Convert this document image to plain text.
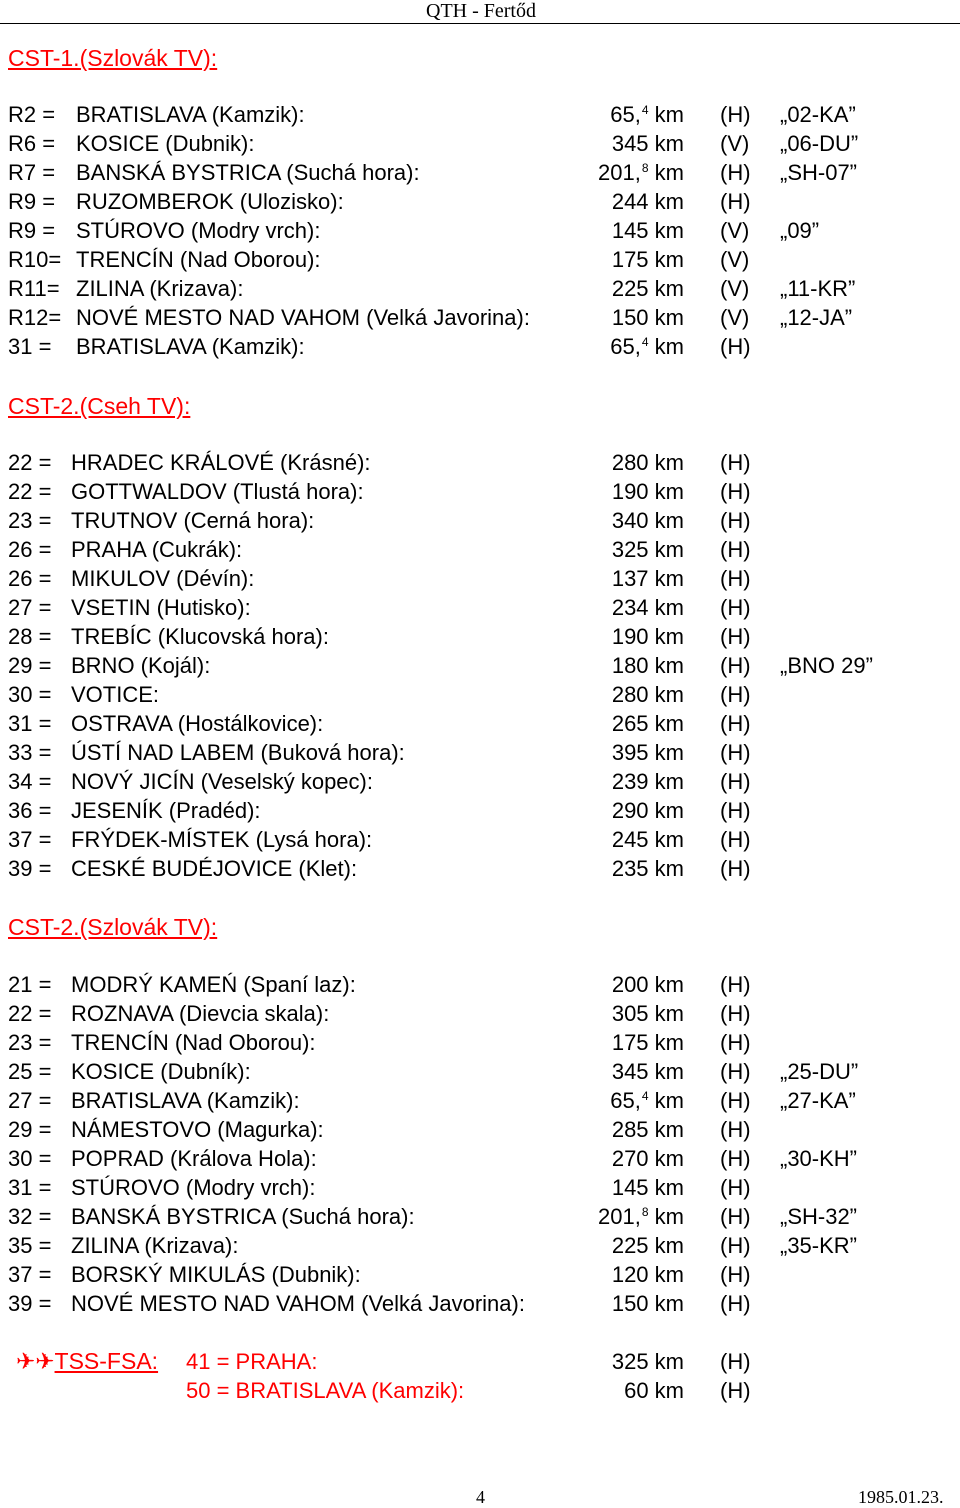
QTH - Fertőd
CST-1.(Szlovák TV):
R2 = BRATISLAVA (Kamzik):	65,$^4$ km (H) „02-KA”
R6 = KOSICE (Dubnik):	345 km (V) „06-DU”
R7 = BANSKÁ BYSTRICA (Suchá hora):	201,$^8$ km (H) „SH-07”
R9 = RUZOMBEROK (Ulozisko):	244 km (H)
R9 = STÚROVO (Modry vrch):	145 km (V) „09”
R10= TRENCÍN (Nad Oborou):	175 km (V)
R11= ZILINA (Krizava):	225 km (V) „11-KR”
R12= NOVÉ MESTO NAD VAHOM (Velká Javorina):	150 km (V) „12-JA”
31 = BRATISLAVA (Kamzik):	65,$^4$ km (H)
CST-2.(Cseh TV):
22 = HRADEC KRÁLOVÉ (Krásné):	280 km (H)
22 = GOTTWALDOV (Tlustá hora):	190 km (H)
23 = TRUTNOV (Cerná hora):	340 km (H)
26 = PRAHA (Cukrák):	325 km (H)
26 = MIKULOV (Dévín):	137 km (H)
27 = VSETIN (Hutisko):	234 km (H)
28 = TREBÍC (Klucovská hora):	190 km (H)
29 = BRNO (Kojál):	180 km (H) „BNO 29”
30 = VOTICE:	280 km (H)
31 = OSTRAVA (Hostálkovice):	265 km (H)
33 = ÚSTÍ NAD LABEM (Buková hora):	395 km (H)
34 = NOVÝ JICÍN (Veselský kopec):	239 km (H)
36 = JESENÍK (Pradéd):	290 km (H)
37 = FRÝDEK-MÍSTEK (Lysá hora):	245 km (H)
39 = CESKÉ BUDÉJOVICE (Klet):	235 km (H)
CST-2.(Szlovák TV):
21 = MODRÝ KAMEŃ (Spaní laz):	200 km (H)
22 = ROZNAVA (Dievcia skala):	305 km (H)
23 = TRENCÍN (Nad Oborou):	175 km (H)
25 = KOSICE (Dubník):	345 km (H) „25-DU”
27 = BRATISLAVA (Kamzik):	65,$^4$ km (H) „27-KA”
29 = NÁMESTOVO (Magurka):	285 km (H)
30 = POPRAD (Králova Hola):	270 km (H) „30-KH”
31 = STÚROVO (Modry vrch):	145 km (H)
32 = BANSKÁ BYSTRICA (Suchá hora):	201,$^8$ km (H) „SH-32”
35 = ZILINA (Krizava):	225 km (H) „35-KR”
37 = BORSKÝ MIKULÁS (Dubnik):	120 km (H)
39 = NOVÉ MESTO NAD VAHOM (Velká Javorina):	150 km (H)
✈✈TSS-FSA: 41 = PRAHA:	325 km (H)
50 = BRATISLAVA (Kamzik):	60 km (H)
4	1985.01.23.
